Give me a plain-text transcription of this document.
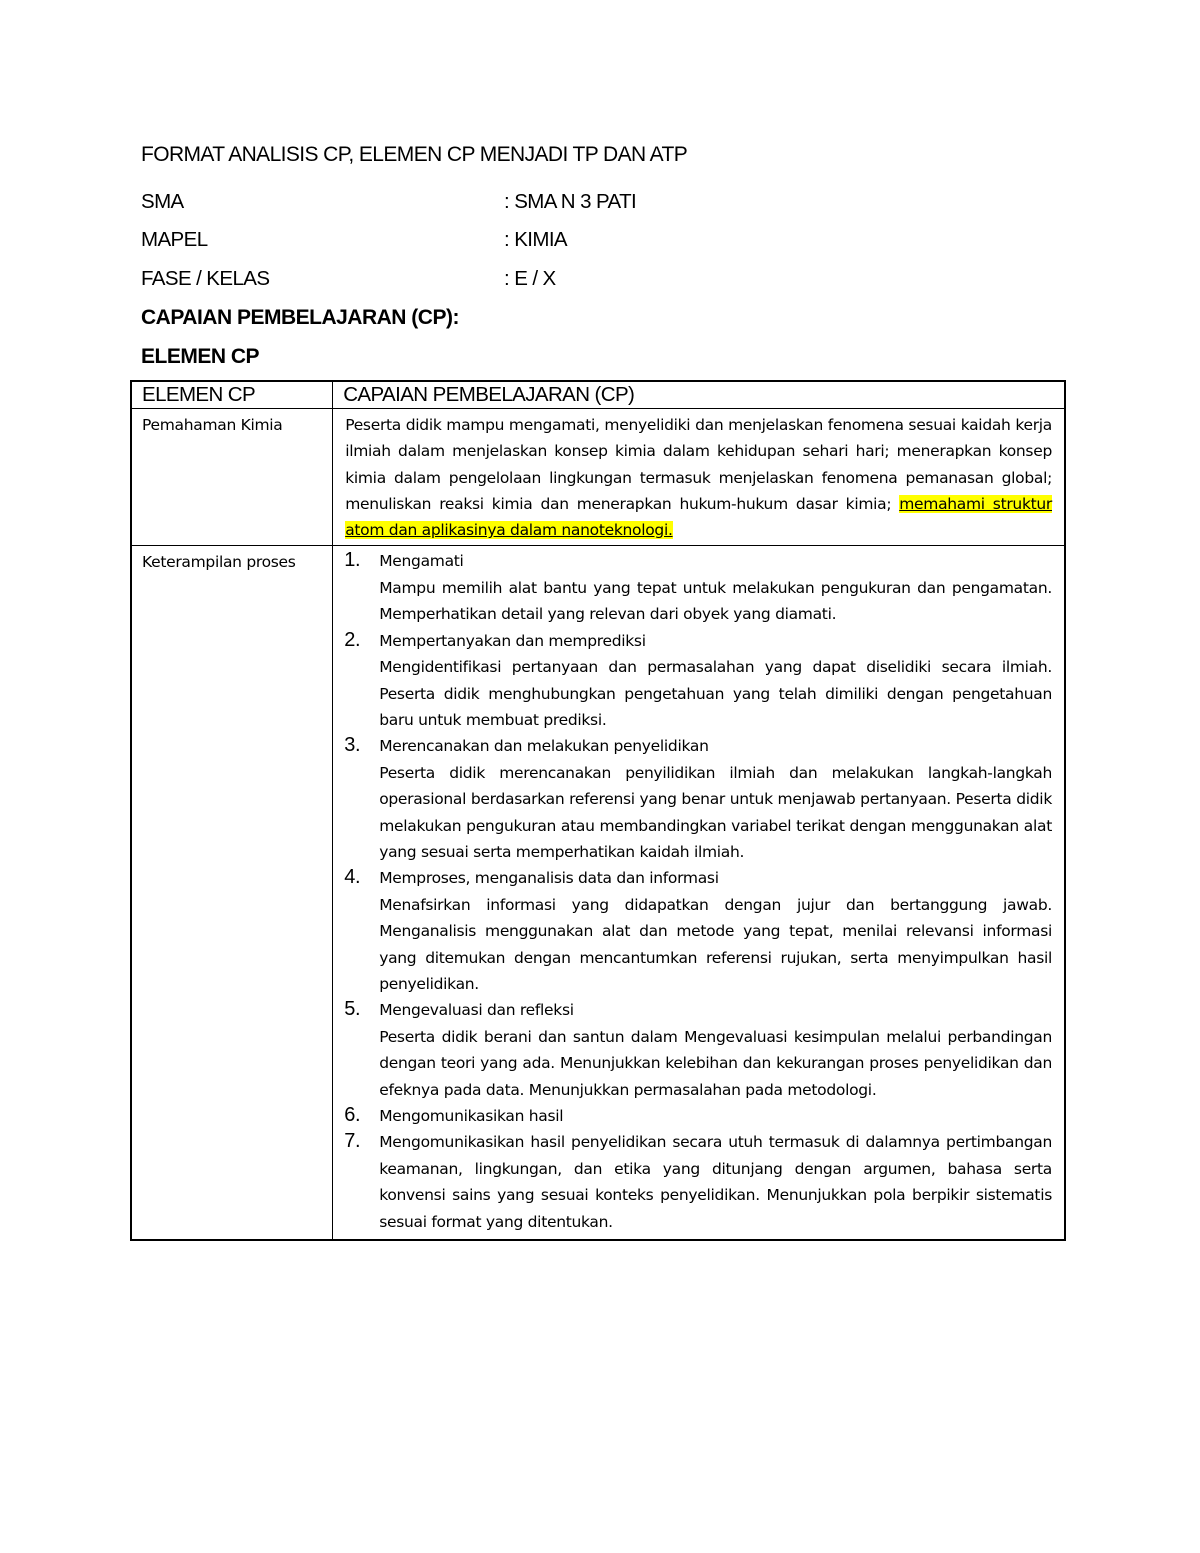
FORMAT ANALISIS CP, ELEMEN CP MENJADI TP DAN ATP
SMA	: SMA N 3 PATI
MAPEL	: KIMIA
FASE / KELAS	: E / X
CAPAIAN PEMBELAJARAN (CP):
ELEMEN CP
ELEMEN CP	CAPAIAN PEMBELAJARAN (CP)

Pemahaman Kimia	Peserta didik mampu mengamati, menyelidiki dan menjelaskan fenomena sesuai kaidah kerja ilmiah dalam menjelaskan konsep kimia dalam kehidupan sehari hari; menerapkan konsep kimia dalam pengelolaan lingkungan termasuk menjelaskan fenomena pemanasan global; menuliskan reaksi kimia dan menerapkan hukum-hukum dasar kimia; memahami struktur atom dan aplikasinya dalam nanoteknologi.

Keterampilan proses	1. Mengamati
Mampu memilih alat bantu yang tepat untuk melakukan pengukuran dan pengamatan. Memperhatikan detail yang relevan dari obyek yang diamati.
2. Mempertanyakan dan memprediksi
Mengidentifikasi pertanyaan dan permasalahan yang dapat diselidiki secara ilmiah. Peserta didik menghubungkan pengetahuan yang telah dimiliki dengan pengetahuan baru untuk membuat prediksi.
3. Merencanakan dan melakukan penyelidikan
Peserta didik merencanakan penyilidikan ilmiah dan melakukan langkah-langkah operasional berdasarkan referensi yang benar untuk menjawab pertanyaan. Peserta didik melakukan pengukuran atau membandingkan variabel terikat dengan menggunakan alat yang sesuai serta memperhatikan kaidah ilmiah.
4. Memproses, menganalisis data dan informasi
Menafsirkan informasi yang didapatkan dengan jujur dan bertanggung jawab. Menganalisis menggunakan alat dan metode yang tepat, menilai relevansi informasi yang ditemukan dengan mencantumkan referensi rujukan, serta menyimpulkan hasil penyelidikan.
5. Mengevaluasi dan refleksi
Peserta didik berani dan santun dalam Mengevaluasi kesimpulan melalui perbandingan dengan teori yang ada. Menunjukkan kelebihan dan kekurangan proses penyelidikan dan efeknya pada data. Menunjukkan permasalahan pada metodologi.
6. Mengomunikasikan hasil
7. Mengomunikasikan hasil penyelidikan secara utuh termasuk di dalamnya pertimbangan keamanan, lingkungan, dan etika yang ditunjang dengan argumen, bahasa serta konvensi sains yang sesuai konteks penyelidikan. Menunjukkan pola berpikir sistematis sesuai format yang ditentukan.
